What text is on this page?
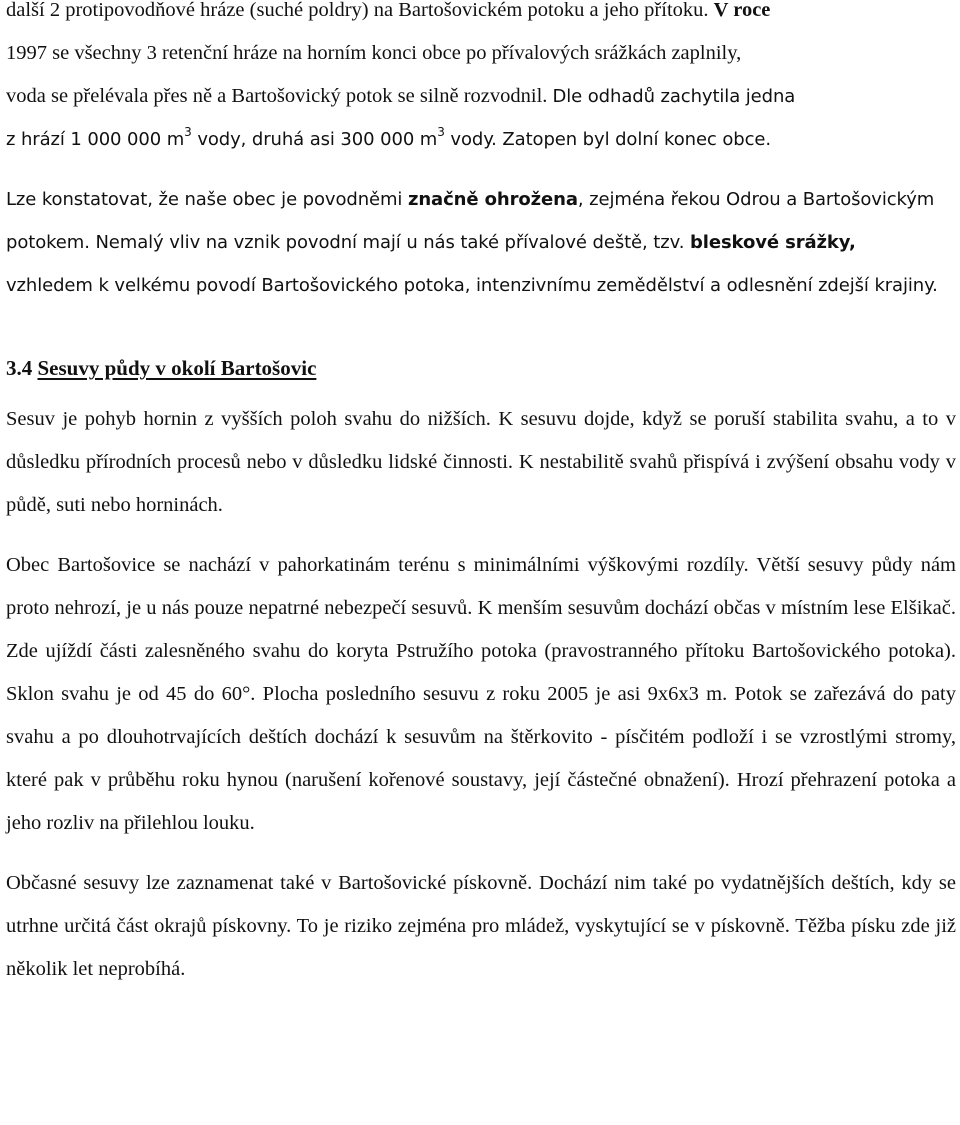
další 2 protipovodňové hráze (suché poldry) na Bartošovickém potoku a jeho přítoku. V roce
1997 se všechny 3 retenční hráze na horním konci obce po přívalových srážkách zaplnily,
voda se přelévala přes ně a Bartošovický potok se silně rozvodnil. Dle odhadů zachytila jedna
z hrází 1 000 000 $m^3$ vody, druhá asi 300 000 $m^3$ vody. Zatopen byl dolní konec obce.

Lze konstatovat, že naše obec je povodněmi značně ohrožena, zejména řekou Odrou a Bartošovickým potokem. Nemalý vliv na vznik povodní mají u nás také přívalové deště, tzv. bleskové srážky, vzhledem k velkému povodí Bartošovického potoka, intenzivnímu zemědělství a odlesnění zdejší krajiny.

3.4 Sesuvy půdy v okolí Bartošovic

Sesuv je pohyb hornin z vyšších poloh svahu do nižších. K sesuvu dojde, když se poruší stabilita svahu, a to v důsledku přírodních procesů nebo v důsledku lidské činnosti. K nestabilitě svahů přispívá i zvýšení obsahu vody v půdě, suti nebo horninách.

Obec Bartošovice se nachází v pahorkatinám terénu s minimálními výškovými rozdíly. Větší sesuvy půdy nám proto nehrozí, je u nás pouze nepatrné nebezpečí sesuvů. K menším sesuvům dochází občas v místním lese Elšikač. Zde ujíždí části zalesněného svahu do koryta Pstružího potoka (pravostranného přítoku Bartošovického potoka). Sklon svahu je od 45 do 60°. Plocha posledního sesuvu z roku 2005 je asi 9x6x3 m. Potok se zařezává do paty svahu a po dlouhotrvajících deštích dochází k sesuvům na štěrkovito - písčitém podloží i se vzrostlými stromy, které pak v průběhu roku hynou (narušení kořenové soustavy, její částečné obnažení). Hrozí přehrazení potoka a jeho rozliv na přilehlou louku.

Občasné sesuvy lze zaznamenat také v Bartošovické pískovně. Dochází nim také po vydatnějších deštích, kdy se utrhne určitá část okrajů pískovny. To je riziko zejména pro mládež, vyskytující se v pískovně. Těžba písku zde již několik let neprobíhá.
